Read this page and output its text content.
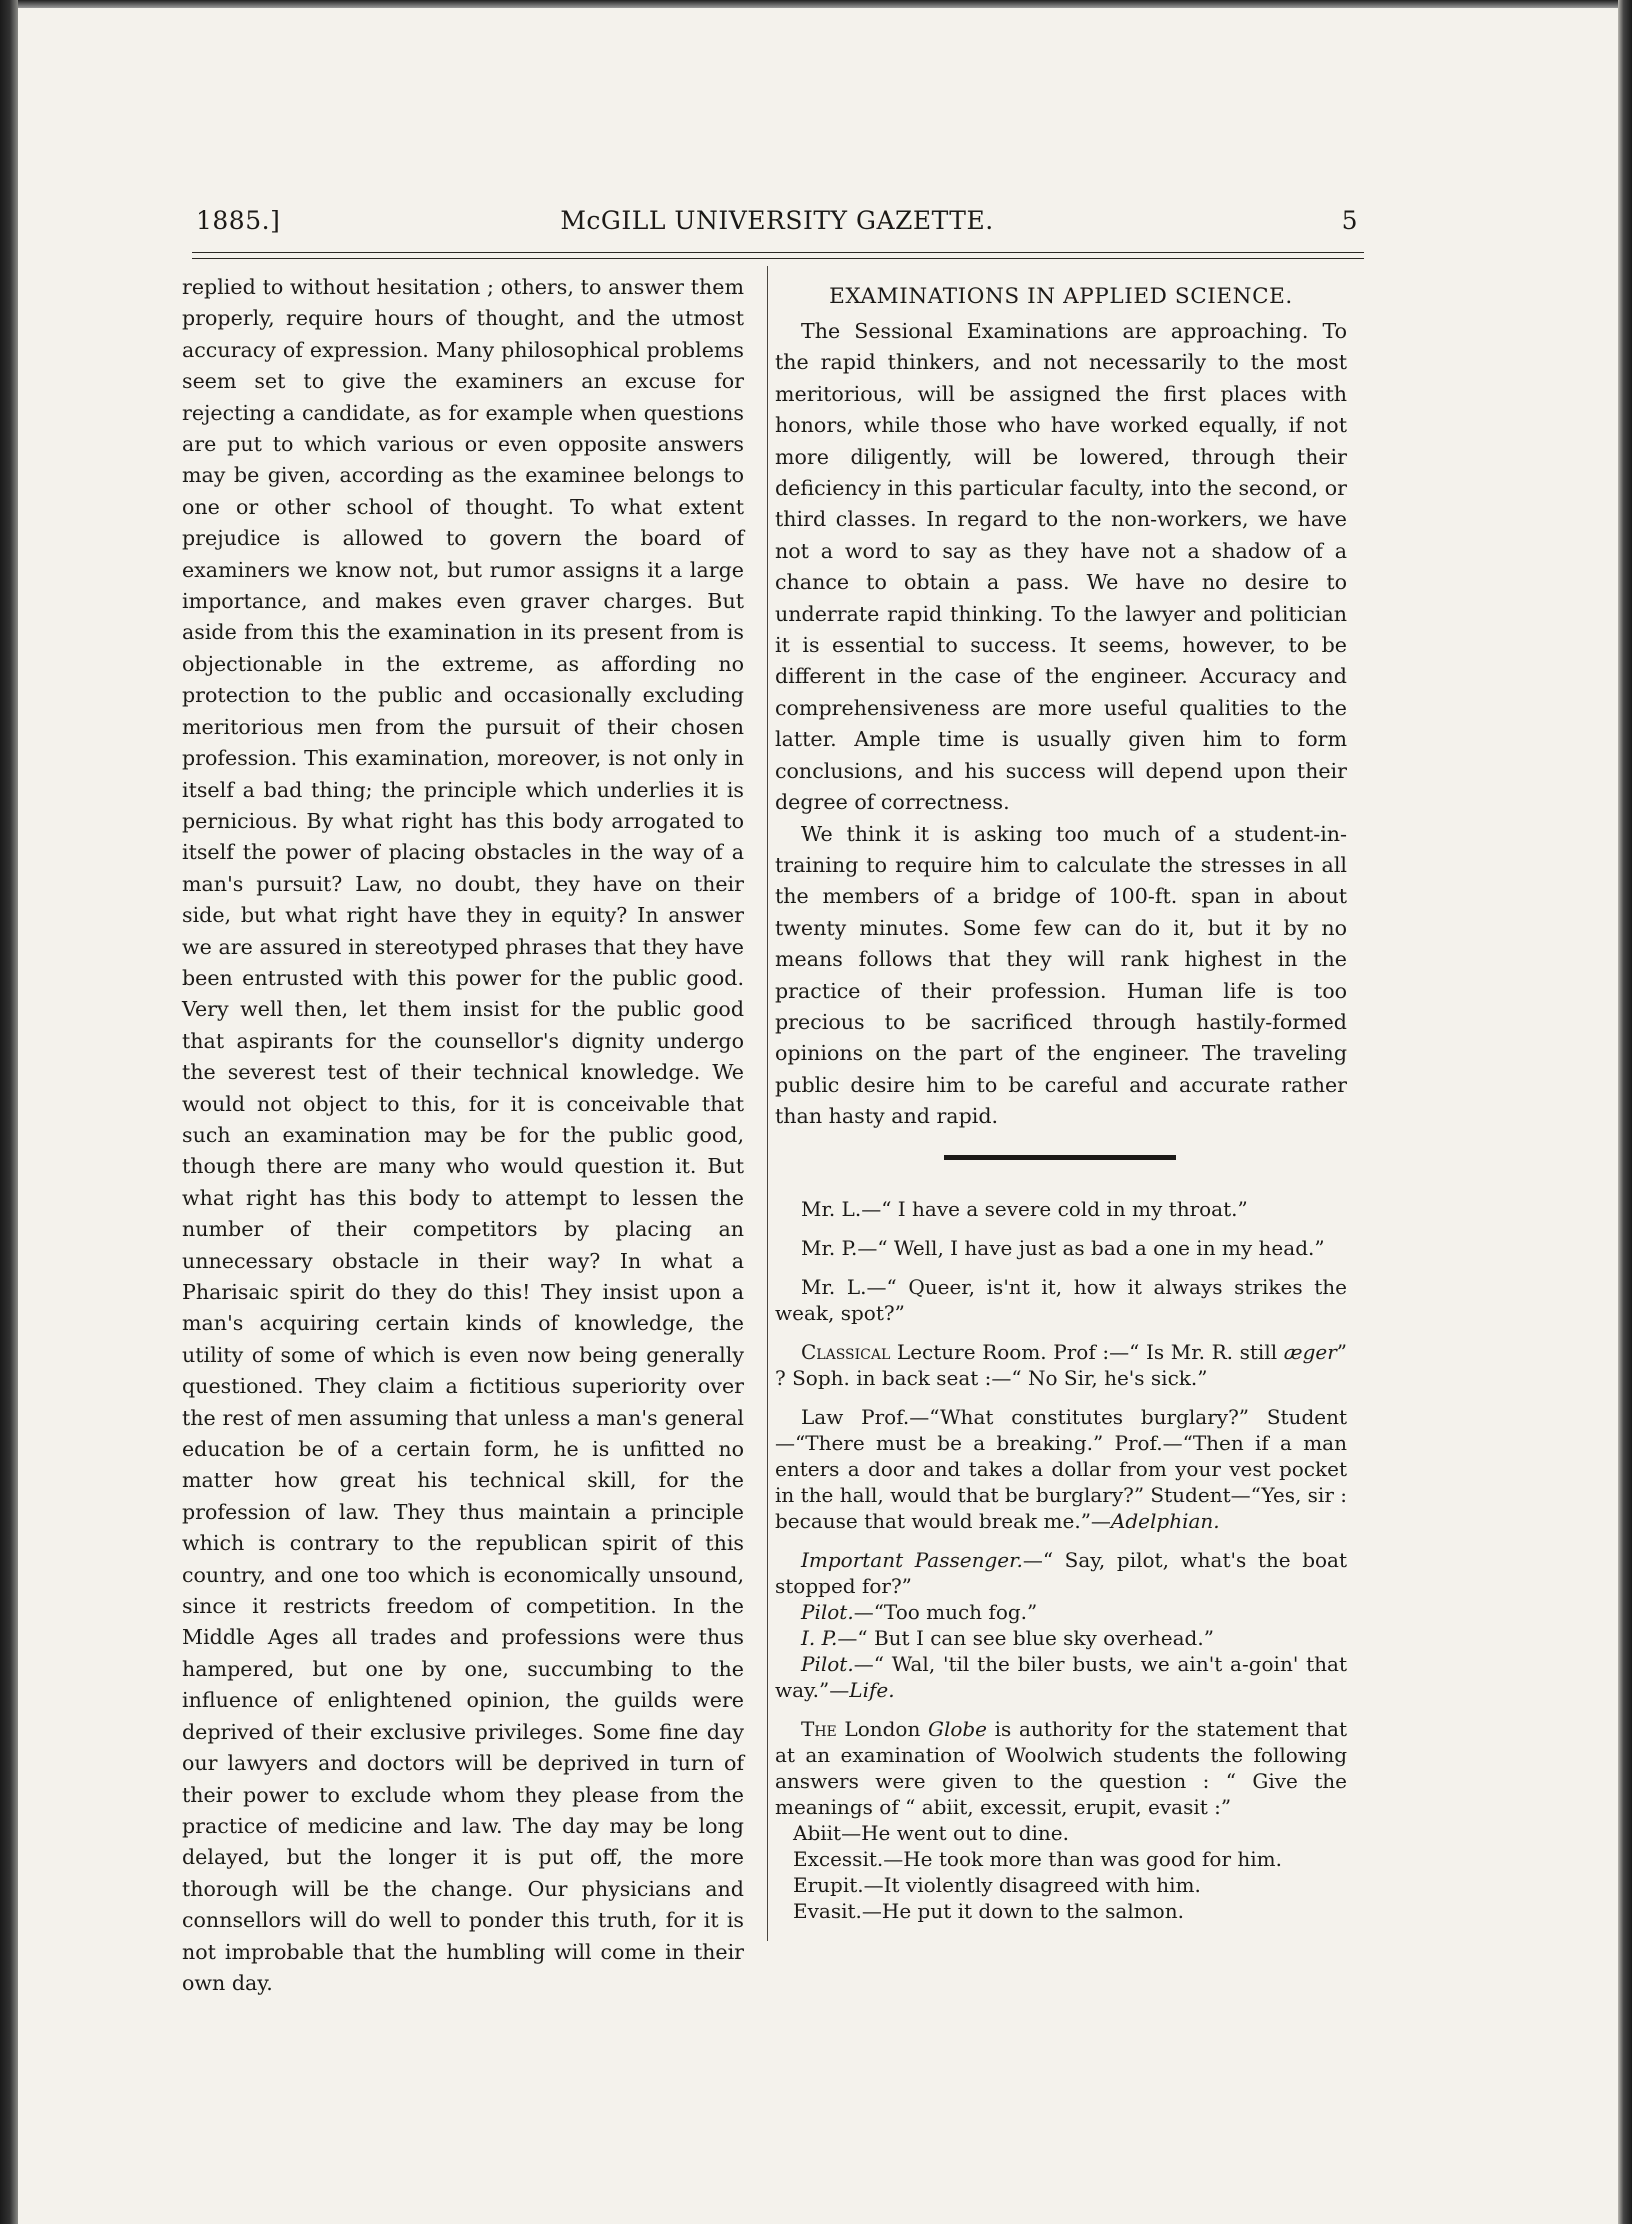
McGILL UNIVERSITY GAZETTE.
1885.]	5

replied to without hesitation ; others, to answer them properly, require hours of thought, and the utmost accuracy of expression. Many philosophical problems seem set to give the examiners an excuse for rejecting a candidate, as for example when questions are put to which various or even opposite answers may be given, according as the examinee belongs to one or other school of thought. To what extent prejudice is allowed to govern the board of examiners we know not, but rumor assigns it a large importance, and makes even graver charges. But aside from this the examination in its present from is objectionable in the extreme, as affording no protection to the public and occasionally excluding meritorious men from the pursuit of their chosen profession. This examination, moreover, is not only in itself a bad thing; the principle which underlies it is pernicious. By what right has this body arrogated to itself the power of placing obstacles in the way of a man's pursuit? Law, no doubt, they have on their side, but what right have they in equity? In answer we are assured in stereotyped phrases that they have been entrusted with this power for the public good. Very well then, let them insist for the public good that aspirants for the counsellor's dignity undergo the severest test of their technical knowledge. We would not object to this, for it is conceivable that such an examination may be for the public good, though there are many who would question it. But what right has this body to attempt to lessen the number of their competitors by placing an unnecessary obstacle in their way? In what a Pharisaic spirit do they do this! They insist upon a man's acquiring certain kinds of knowledge, the utility of some of which is even now being generally questioned. They claim a fictitious superiority over the rest of men assuming that unless a man's general education be of a certain form, he is unfitted no matter how great his technical skill, for the profession of law. They thus maintain a principle which is contrary to the republican spirit of this country, and one too which is economically unsound, since it restricts freedom of competition. In the Middle Ages all trades and professions were thus hampered, but one by one, succumbing to the influence of enlightened opinion, the guilds were deprived of their exclusive privileges. Some fine day our lawyers and doctors will be deprived in turn of their power to exclude whom they please from the practice of medicine and law. The day may be long delayed, but the longer it is put off, the more thorough will be the change. Our physicians and connsellors will do well to ponder this truth, for it is not improbable that the humbling will come in their own day.

EXAMINATIONS IN APPLIED SCIENCE.

The Sessional Examinations are approaching. To the rapid thinkers, and not necessarily to the most meritorious, will be assigned the first places with honors, while those who have worked equally, if not more diligently, will be lowered, through their deficiency in this particular faculty, into the second, or third classes. In regard to the non-workers, we have not a word to say as they have not a shadow of a chance to obtain a pass. We have no desire to underrate rapid thinking. To the lawyer and politician it is essential to success. It seems, however, to be different in the case of the engineer. Accuracy and comprehensiveness are more useful qualities to the latter. Ample time is usually given him to form conclusions, and his success will depend upon their degree of correctness.

We think it is asking too much of a student-in-training to require him to calculate the stresses in all the members of a bridge of 100-ft. span in about twenty minutes. Some few can do it, but it by no means follows that they will rank highest in the practice of their profession. Human life is too precious to be sacrificed through hastily-formed opinions on the part of the engineer. The traveling public desire him to be careful and accurate rather than hasty and rapid.

Mr. L.—“ I have a severe cold in my throat.”

Mr. P.—“ Well, I have just as bad a one in my head.”

Mr. L.—“ Queer, is'nt it, how it always strikes the weak, spot?”

Classical Lecture Room. Prof :—“ Is Mr. R. still æger” ? Soph. in back seat :—“ No Sir, he's sick.”

Law Prof.—“What constitutes burglary?” Student—“There must be a breaking.” Prof.—“Then if a man enters a door and takes a dollar from your vest pocket in the hall, would that be burglary?” Student—“Yes, sir : because that would break me.”—Adelphian.

Important Passenger.—“ Say, pilot, what's the boat stopped for?”

Pilot.—“Too much fog.”

I. P.—“ But I can see blue sky overhead.”

Pilot.—“ Wal, 'til the biler busts, we ain't a-goin' that way.”—Life.

The London Globe is authority for the statement that at an examination of Woolwich students the following answers were given to the question : “ Give the meanings of “ abiit, excessit, erupit, evasit :”

Abiit—He went out to dine.

Excessit.—He took more than was good for him.

Erupit.—It violently disagreed with him.

Evasit.—He put it down to the salmon.
